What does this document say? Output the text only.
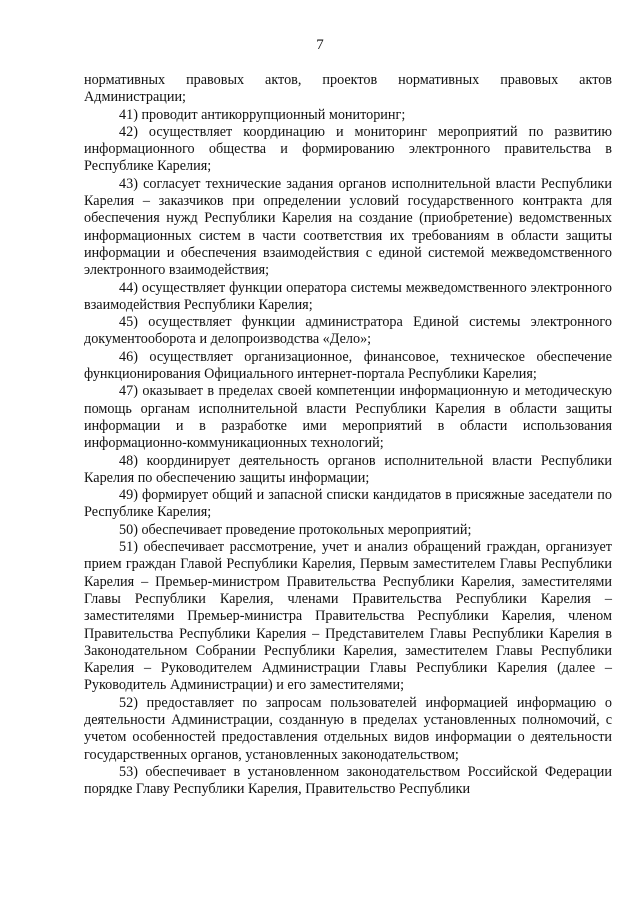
7

нормативных правовых актов, проектов нормативных правовых актов Администрации;

41) проводит антикоррупционный мониторинг;

42) осуществляет координацию и мониторинг мероприятий по развитию информационного общества и формированию электронного правительства в Республике Карелия;

43) согласует технические задания органов исполнительной власти Республики Карелия – заказчиков при определении условий государственного контракта для обеспечения нужд Республики Карелия на создание (приобретение) ведомственных информационных систем в части соответствия их требованиям в области защиты информации и обеспечения взаимодействия с единой системой межведомственного электронного взаимодействия;

44) осуществляет функции оператора системы межведомственного электронного взаимодействия Республики Карелия;

45) осуществляет функции администратора Единой системы электронного документооборота и делопроизводства «Дело»;

46) осуществляет организационное, финансовое, техническое обеспечение функционирования Официального интернет-портала Республики Карелия;

47) оказывает в пределах своей компетенции информационную и методическую помощь органам исполнительной власти Республики Карелия в области защиты информации и в разработке ими мероприятий в области использования информационно-коммуникационных технологий;

48) координирует деятельность органов исполнительной власти Республики Карелия по обеспечению защиты информации;

49) формирует общий и запасной списки кандидатов в присяжные заседатели по Республике Карелия;

50) обеспечивает проведение протокольных мероприятий;

51) обеспечивает рассмотрение, учет и анализ обращений граждан, организует прием граждан Главой Республики Карелия, Первым заместителем Главы Республики Карелия – Премьер-министром Правительства Республики Карелия, заместителями Главы Республики Карелия, членами Правительства Республики Карелия – заместителями Премьер-министра Правительства Республики Карелия, членом Правительства Республики Карелия – Представителем Главы Республики Карелия в Законодательном Собрании Республики Карелия, заместителем Главы Республики Карелия – Руководителем Администрации Главы Республики Карелия (далее – Руководитель Администрации) и его заместителями;

52) предоставляет по запросам пользователей информацией информацию о деятельности Администрации, созданную в пределах установленных полномочий, с учетом особенностей предоставления отдельных видов информации о деятельности государственных органов, установленных законодательством;

53) обеспечивает в установленном законодательством Российской Федерации порядке Главу Республики Карелия, Правительство Республики
